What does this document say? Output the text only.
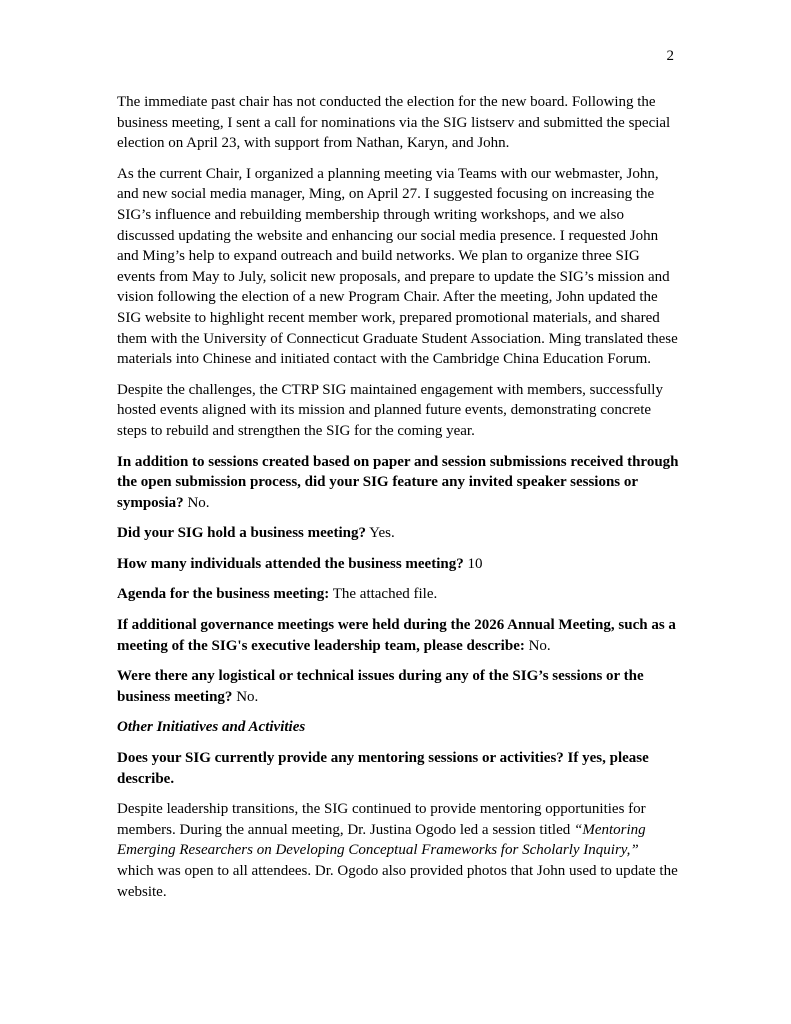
2

The immediate past chair has not conducted the election for the new board. Following the business meeting, I sent a call for nominations via the SIG listserv and submitted the special election on April 23, with support from Nathan, Karyn, and John.

As the current Chair, I organized a planning meeting via Teams with our webmaster, John, and new social media manager, Ming, on April 27. I suggested focusing on increasing the SIG’s influence and rebuilding membership through writing workshops, and we also discussed updating the website and enhancing our social media presence. I requested John and Ming’s help to expand outreach and build networks. We plan to organize three SIG events from May to July, solicit new proposals, and prepare to update the SIG’s mission and vision following the election of a new Program Chair. After the meeting, John updated the SIG website to highlight recent member work, prepared promotional materials, and shared them with the University of Connecticut Graduate Student Association. Ming translated these materials into Chinese and initiated contact with the Cambridge China Education Forum.

Despite the challenges, the CTRP SIG maintained engagement with members, successfully hosted events aligned with its mission and planned future events, demonstrating concrete steps to rebuild and strengthen the SIG for the coming year.

In addition to sessions created based on paper and session submissions received through the open submission process, did your SIG feature any invited speaker sessions or symposia? No.

Did your SIG hold a business meeting? Yes.

How many individuals attended the business meeting? 10

Agenda for the business meeting: The attached file.

If additional governance meetings were held during the 2026 Annual Meeting, such as a meeting of the SIG's executive leadership team, please describe: No.

Were there any logistical or technical issues during any of the SIG’s sessions or the business meeting? No.

Other Initiatives and Activities

Does your SIG currently provide any mentoring sessions or activities? If yes, please describe.

Despite leadership transitions, the SIG continued to provide mentoring opportunities for members. During the annual meeting, Dr. Justina Ogodo led a session titled “Mentoring Emerging Researchers on Developing Conceptual Frameworks for Scholarly Inquiry,” which was open to all attendees. Dr. Ogodo also provided photos that John used to update the website.
